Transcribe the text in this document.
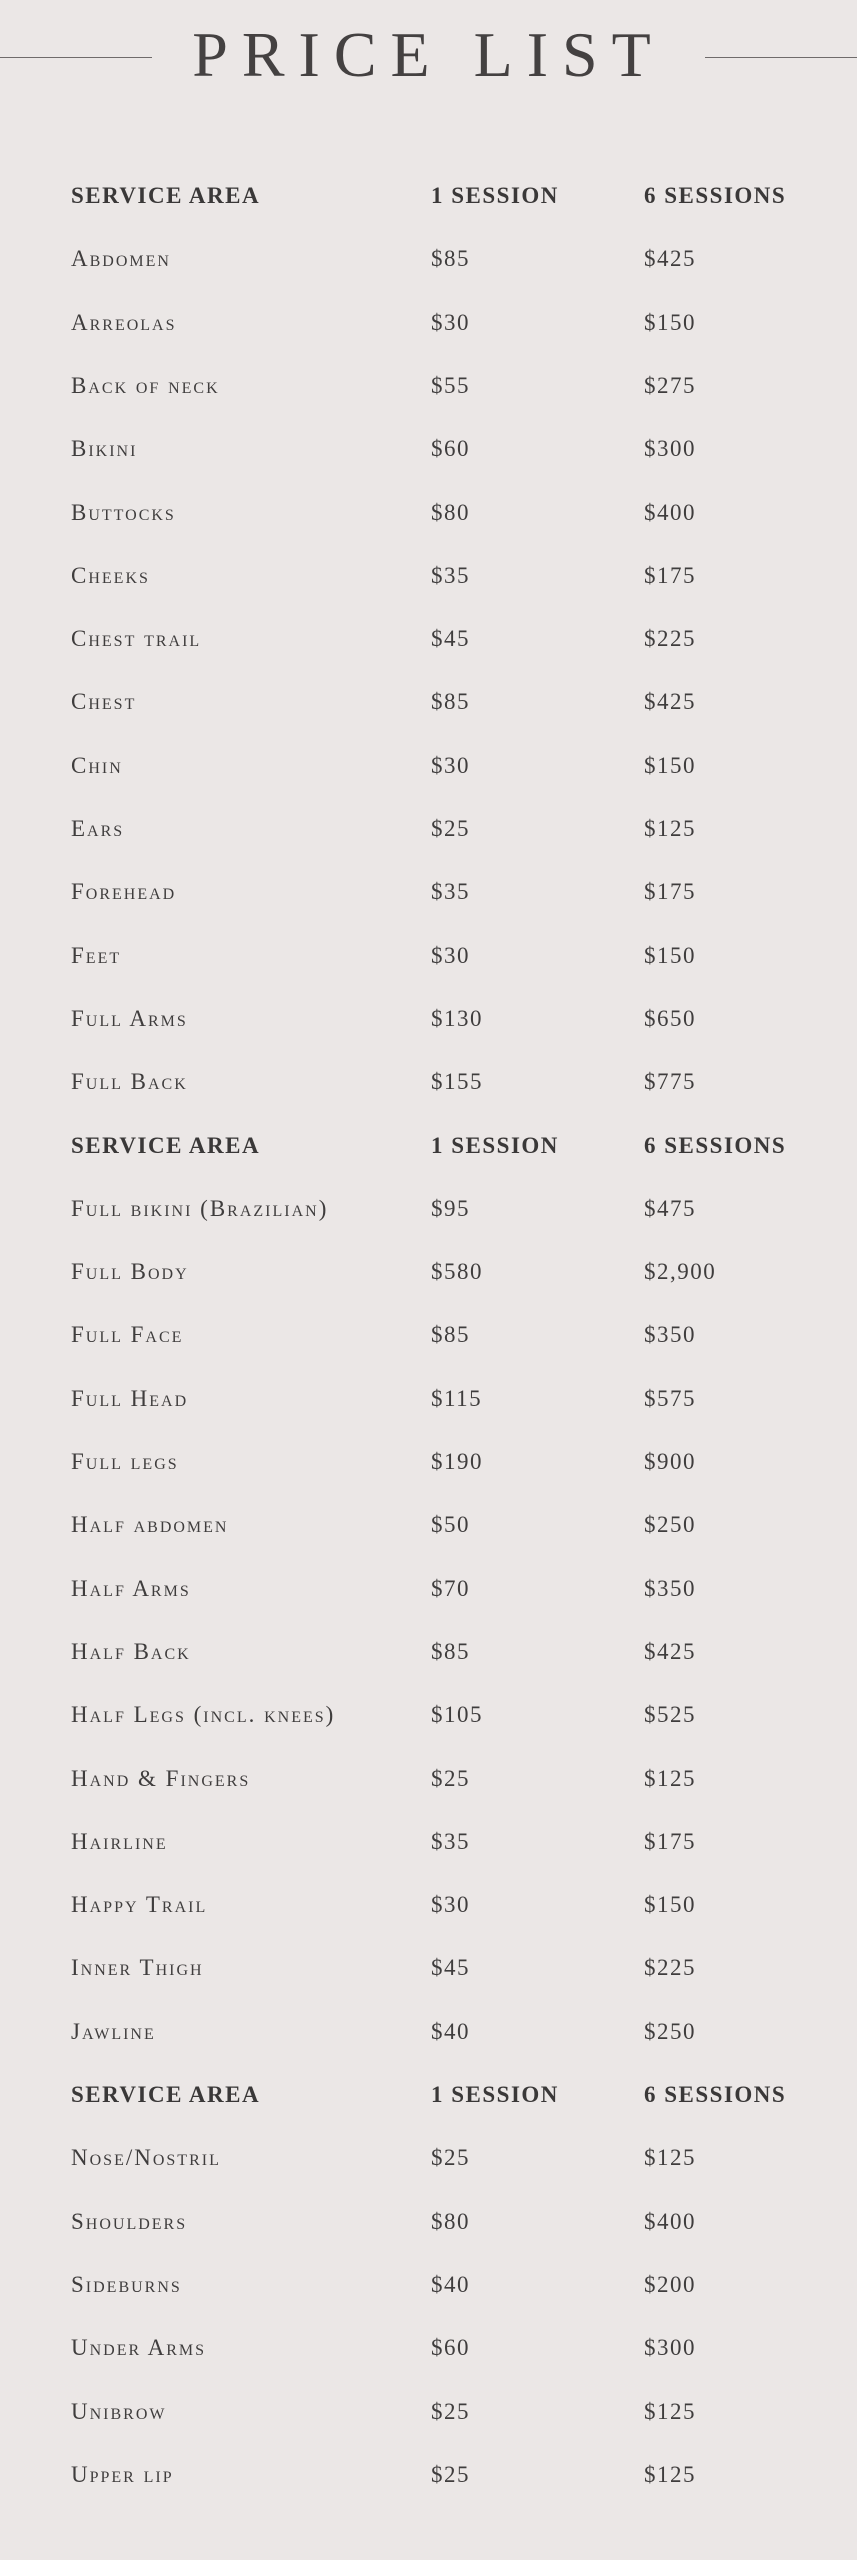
PRICE LIST
SERVICE AREA	1 SESSION	6 SESSIONS
Abdomen	$85	$425
Arreolas	$30	$150
Back of neck	$55	$275
Bikini	$60	$300
Buttocks	$80	$400
Cheeks	$35	$175
Chest trail	$45	$225
Chest	$85	$425
Chin	$30	$150
Ears	$25	$125
Forehead	$35	$175
Feet	$30	$150
Full Arms	$130	$650
Full Back	$155	$775
SERVICE AREA	1 SESSION	6 SESSIONS
Full bikini (Brazilian)	$95	$475
Full Body	$580	$2,900
Full Face	$85	$350
Full Head	$115	$575
Full legs	$190	$900
Half abdomen	$50	$250
Half Arms	$70	$350
Half Back	$85	$425
Half Legs (incl. knees)	$105	$525
Hand & Fingers	$25	$125
Hairline	$35	$175
Happy Trail	$30	$150
Inner Thigh	$45	$225
Jawline	$40	$250
SERVICE AREA	1 SESSION	6 SESSIONS
Nose/Nostril	$25	$125
Shoulders	$80	$400
Sideburns	$40	$200
Under Arms	$60	$300
Unibrow	$25	$125
Upper lip	$25	$125
